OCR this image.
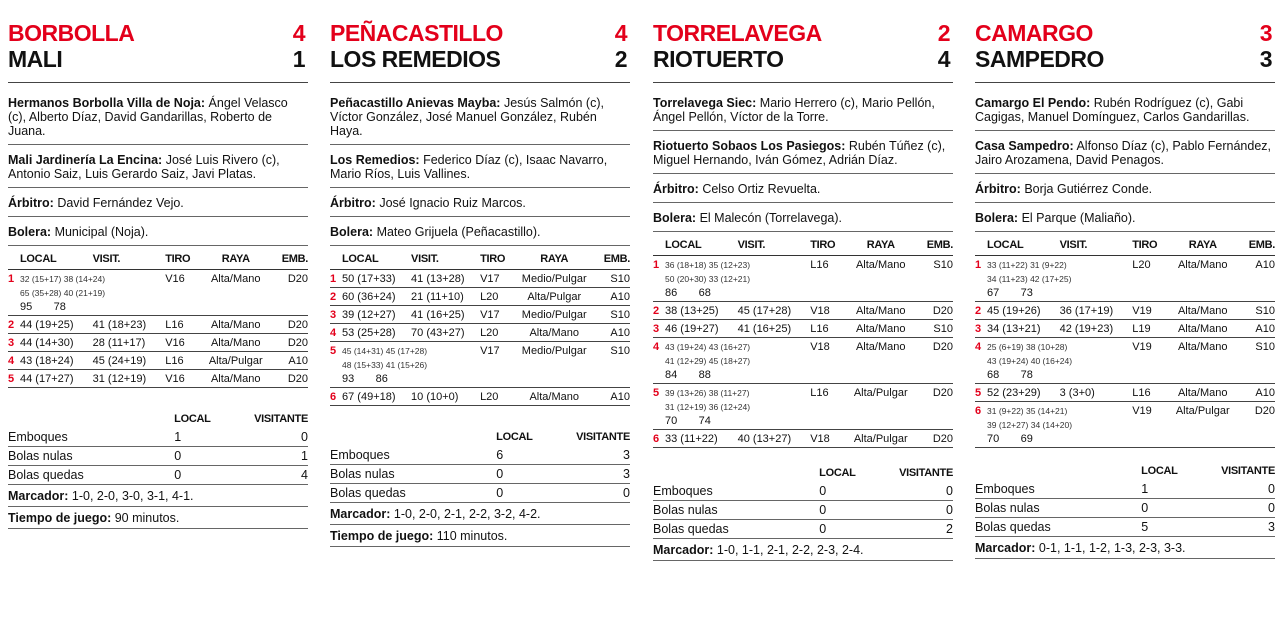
BORBOLLA	4
MALI	1
Hermanos Borbolla Villa de Noja: Ángel Velasco (c), Alberto Díaz, David Gandarillas, Roberto de Juana.
Mali Jardinería La Encina: José Luis Rivero (c), Antonio Saiz, Luis Gerardo Saiz, Javi Platas.
Árbitro: David Fernández Vejo.
Bolera: Municipal (Noja).
	LOCAL	VISIT.	TIRO	RAYA	EMB.
1	32 (15+17) 38 (14+24)
65 (35+28) 40 (21+19)
95       78		V16	Alta/Mano	D20
2	44 (19+25)	41 (18+23)	L16	Alta/Mano	D20
3	44 (14+30)	28 (11+17)	V16	Alta/Mano	D20
4	43 (18+24)	45 (24+19)	L16	Alta/Pulgar	A10
5	44 (17+27)	31 (12+19)	V16	Alta/Mano	D20
	LOCAL	VISITANTE
Emboques	1	0
Bolas nulas	0	1
Bolas quedas	0	4
Marcador: 1-0, 2-0, 3-0, 3-1, 4-1.
Tiempo de juego: 90 minutos.
PEÑACASTILLO	4
LOS REMEDIOS	2
Peñacastillo Anievas Mayba: Jesús Salmón (c), Víctor González, José Manuel González, Rubén Haya.
Los Remedios: Federico Díaz (c), Isaac Navarro, Mario Ríos, Luis Vallines.
Árbitro: José Ignacio Ruiz Marcos.
Bolera: Mateo Grijuela (Peñacastillo).
	LOCAL	VISIT.	TIRO	RAYA	EMB.
1	50 (17+33)	41 (13+28)	V17	Medio/Pulgar	S10
2	60 (36+24)	21 (11+10)	L20	Alta/Pulgar	A10
3	39 (12+27)	41 (16+25)	V17	Medio/Pulgar	S10
4	53 (25+28)	70 (43+27)	L20	Alta/Mano	A10
5	45 (14+31) 45 (17+28)
48 (15+33) 41 (15+26)
93       86		V17	Medio/Pulgar	S10
6	67 (49+18)	10 (10+0)	L20	Alta/Mano	A10
	LOCAL	VISITANTE
Emboques	6	3
Bolas nulas	0	3
Bolas quedas	0	0
Marcador: 1-0, 2-0, 2-1, 2-2, 3-2, 4-2.
Tiempo de juego: 110 minutos.
TORRELAVEGA	2
RIOTUERTO	4
Torrelavega Siec: Mario Herrero (c), Mario Pellón, Ángel Pellón, Víctor de la Torre.
Riotuerto Sobaos Los Pasiegos: Rubén Túñez (c), Miguel Hernando, Iván Gómez, Adrián Díaz.
Árbitro: Celso Ortiz Revuelta.
Bolera: El Malecón (Torrelavega).
	LOCAL	VISIT.	TIRO	RAYA	EMB.
1	36 (18+18) 35 (12+23)
50 (20+30) 33 (12+21)
86       68		L16	Alta/Mano	S10
2	38 (13+25)	45 (17+28)	V18	Alta/Mano	D20
3	46 (19+27)	41 (16+25)	L16	Alta/Mano	S10
4	43 (19+24) 43 (16+27)
41 (12+29) 45 (18+27)
84       88		V18	Alta/Mano	D20
5	39 (13+26) 38 (11+27)
31 (12+19) 36 (12+24)
70       74		L16	Alta/Pulgar	D20
6	33 (11+22)	40 (13+27)	V18	Alta/Pulgar	D20
	LOCAL	VISITANTE
Emboques	0	0
Bolas nulas	0	0
Bolas quedas	0	2
Marcador: 1-0, 1-1, 2-1, 2-2, 2-3, 2-4.
CAMARGO	3
SAMPEDRO	3
Camargo El Pendo: Rubén Rodríguez (c), Gabi Cagigas, Manuel Domínguez, Carlos Gandarillas.
Casa Sampedro: Alfonso Díaz (c), Pablo Fernández, Jairo Arozamena, David Penagos.
Árbitro: Borja Gutiérrez Conde.
Bolera: El Parque (Maliaño).
	LOCAL	VISIT.	TIRO	RAYA	EMB.
1	33 (11+22) 31 (9+22)
34 (11+23) 42 (17+25)
67       73		L20	Alta/Mano	A10
2	45 (19+26)	36 (17+19)	V19	Alta/Mano	S10
3	34 (13+21)	42 (19+23)	L19	Alta/Mano	A10
4	25 (6+19) 38 (10+28)
43 (19+24) 40 (16+24)
68       78		V19	Alta/Mano	S10
5	52 (23+29)	3 (3+0)	L16	Alta/Mano	A10
6	31 (9+22) 35 (14+21)
39 (12+27) 34 (14+20)
70       69		V19	Alta/Pulgar	D20
	LOCAL	VISITANTE
Emboques	1	0
Bolas nulas	0	0
Bolas quedas	5	3
Marcador: 0-1, 1-1, 1-2, 1-3, 2-3, 3-3.
